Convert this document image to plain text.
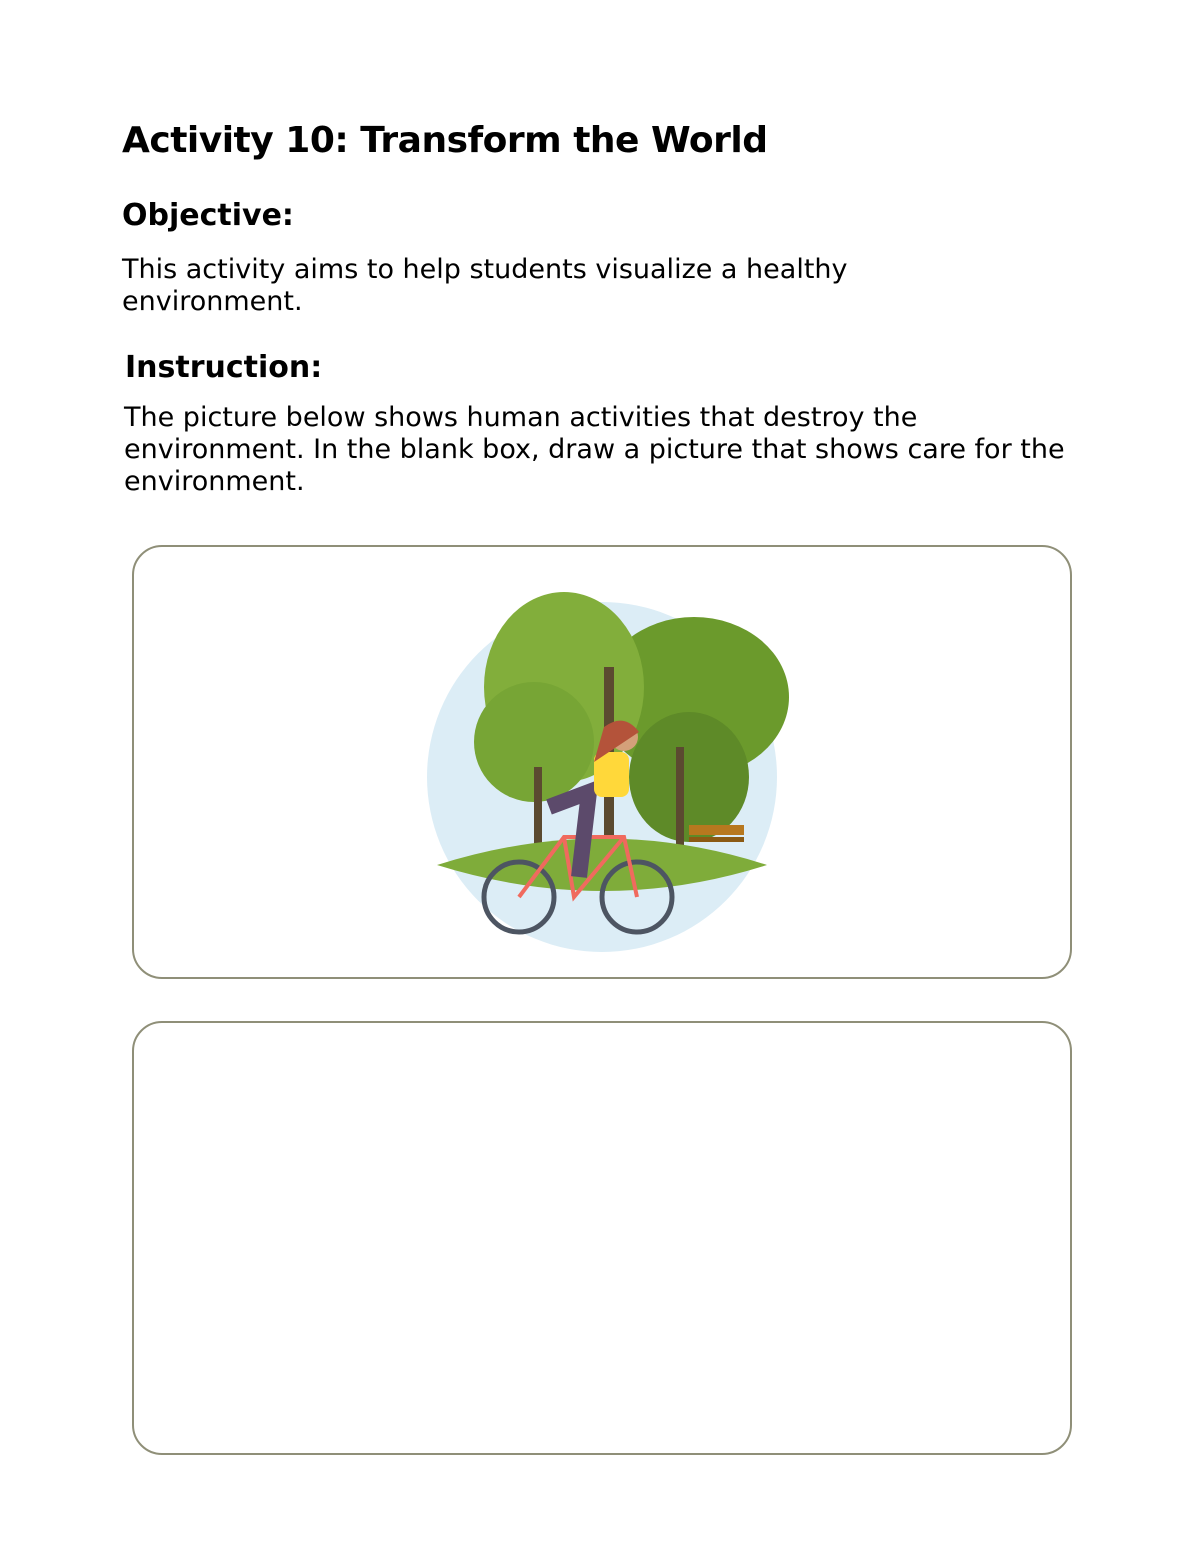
Activity 10: Transform the World
Objective:

This activity aims to help students visualize a healthy environment.

Instruction:

The picture below shows human activities that destroy the environment. In the blank box, draw a picture that shows care for the environment.
